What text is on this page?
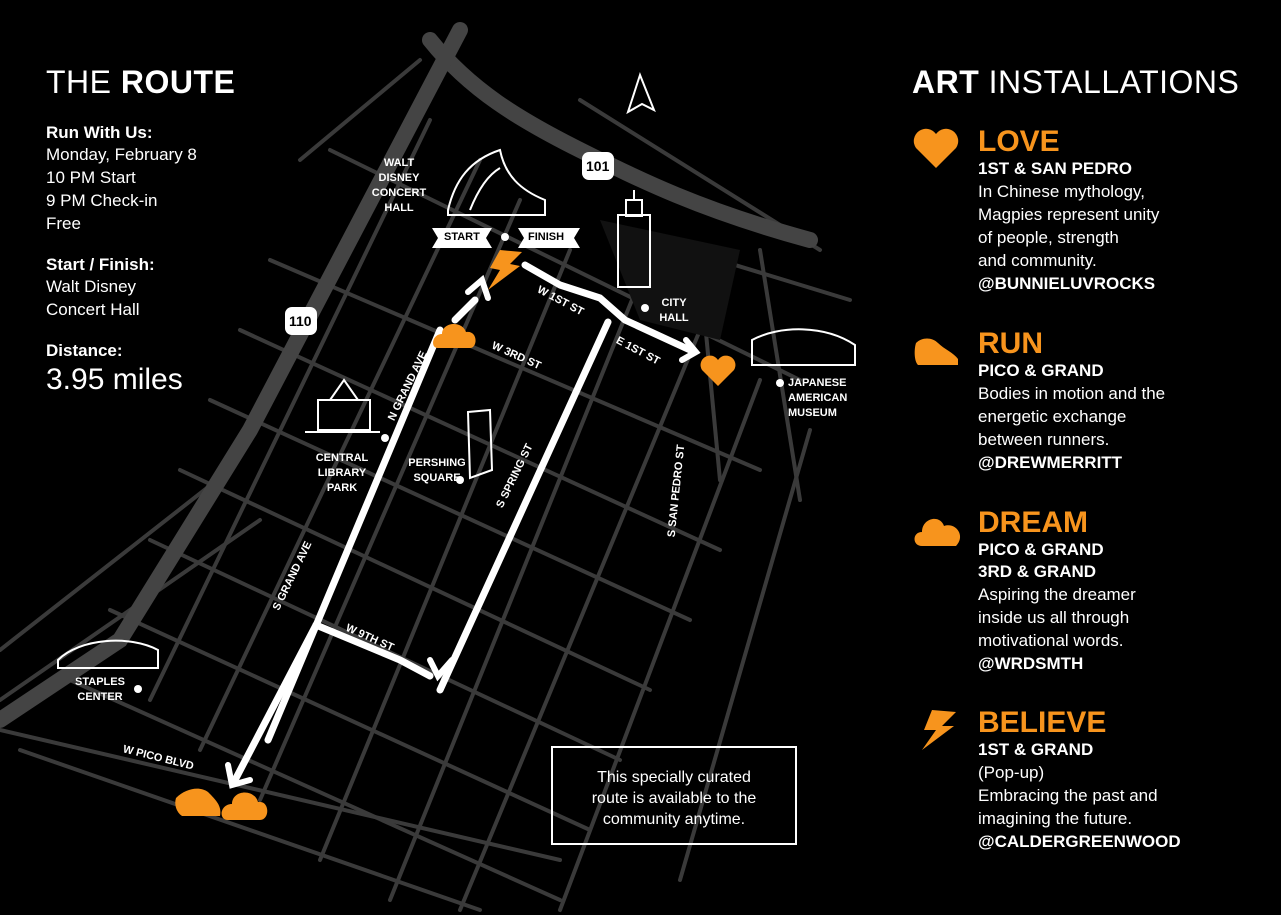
101
110
START	FINISH
WALT
DISNEY
CONCERT
HALL
CITY
HALL
JAPANESE
AMERICAN
MUSEUM
CENTRAL
LIBRARY
PARK
PERSHING
SQUARE
STAPLES
CENTER
W 1ST ST
E 1ST ST
W 3RD ST
N GRAND AVE
S GRAND AVE
S SPRING ST	S SAN PEDRO ST
W 9TH ST
W PICO BLVD
THE ROUTE
Run With Us:
Monday, February 8
10 PM Start
9 PM Check-in
Free
Start / Finish:
Walt Disney
Concert Hall
Distance:
3.95 miles
ART INSTALLATIONS
LOVE
1ST & SAN PEDRO
In Chinese mythology,
Magpies represent unity
of people, strength
and community.
@BUNNIELUVROCKS
RUN
PICO & GRAND
Bodies in motion and the
energetic exchange
between runners.
@DREWMERRITT
DREAM
PICO & GRAND
3RD & GRAND
Aspiring the dreamer
inside us all through
motivational words.
@WRDSMTH
BELIEVE
1ST & GRAND
(Pop-up)
Embracing the past and
imagining the future.
@CALDERGREENWOOD
This specially curated
route is available to the
community anytime.
